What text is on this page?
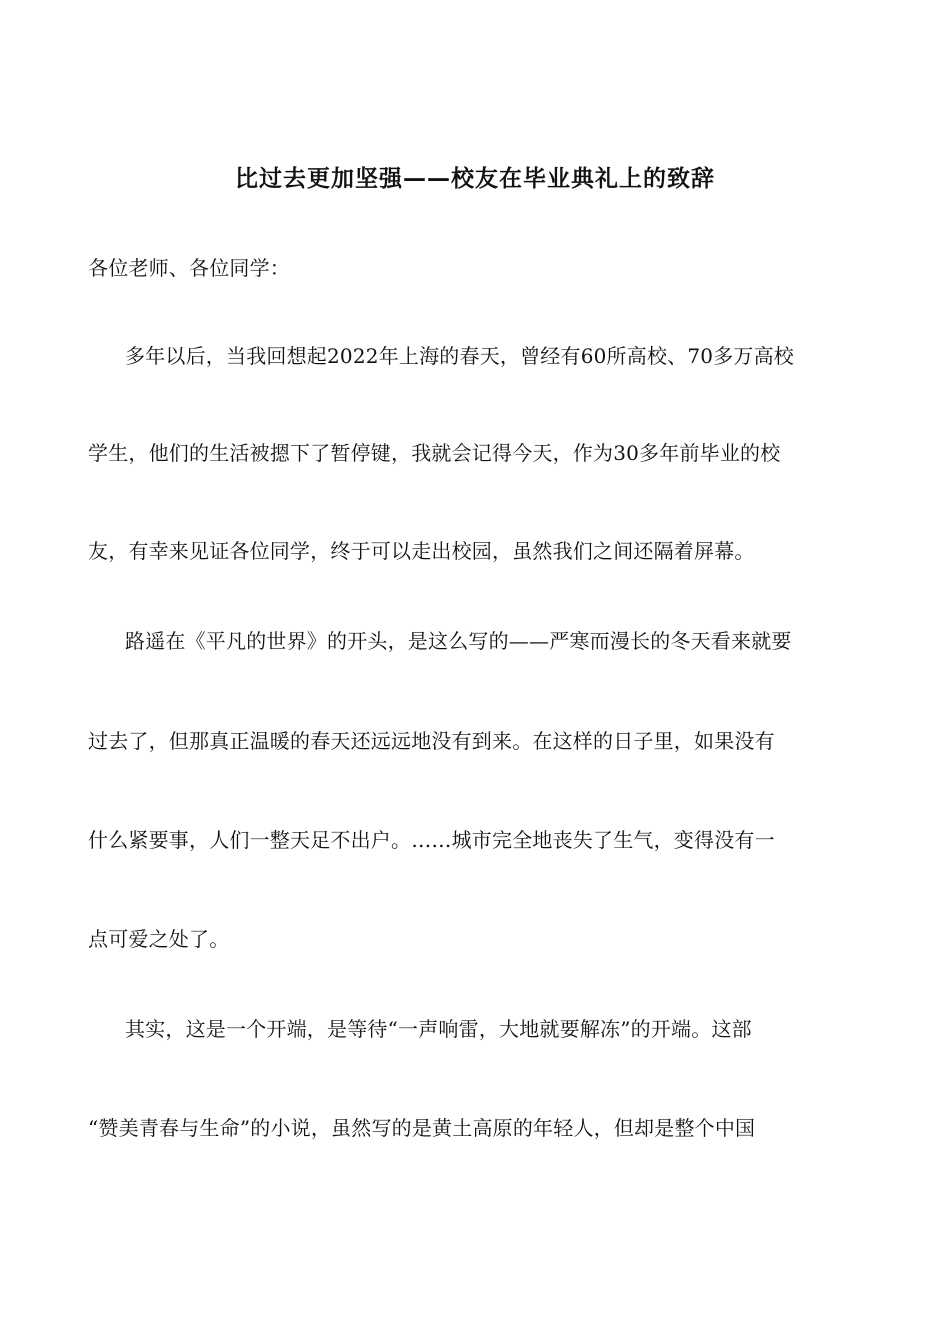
比过去更加坚强——校友在毕业典礼上的致辞
各位老师、各位同学：
多年以后，当我回想起2022年上海的春天，曾经有60所高校、70多万高校
学生，他们的生活被摁下了暂停键，我就会记得今天，作为30多年前毕业的校
友，有幸来见证各位同学，终于可以走出校园，虽然我们之间还隔着屏幕。
路遥在《平凡的世界》的开头，是这么写的——严寒而漫长的冬天看来就要
过去了，但那真正温暖的春天还远远地没有到来。在这样的日子里，如果没有
什么紧要事，人们一整天足不出户。……城市完全地丧失了生气，变得没有一
点可爱之处了。
其实，这是一个开端，是等待“一声响雷，大地就要解冻”的开端。这部
“赞美青春与生命”的小说，虽然写的是黄土高原的年轻人，但却是整个中国
